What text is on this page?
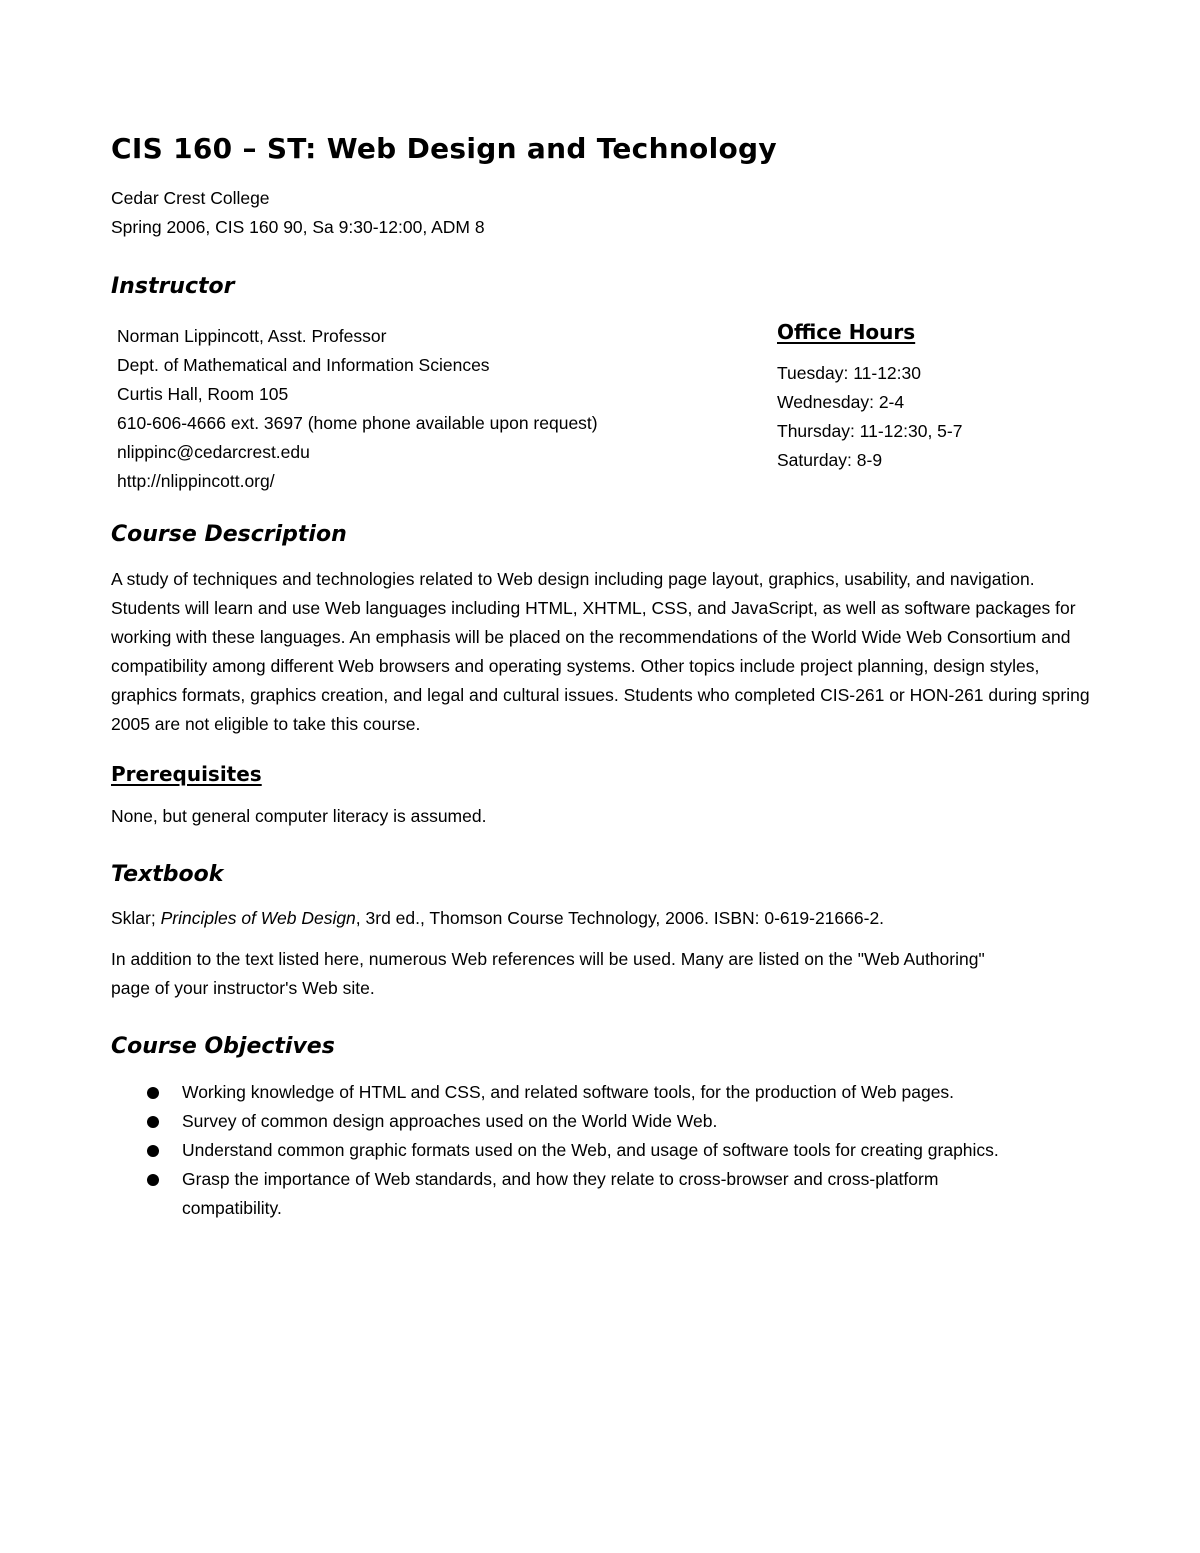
CIS 160 – ST: Web Design and Technology
Cedar Crest College
Spring 2006, CIS 160 90, Sa 9:30-12:00, ADM 8
Instructor
Norman Lippincott, Asst. Professor
Dept. of Mathematical and Information Sciences
Curtis Hall, Room 105
610-606-4666 ext. 3697 (home phone available upon request)
nlippinc@cedarcrest.edu
http://nlippincott.org/
Office Hours
Tuesday: 11-12:30
Wednesday: 2-4
Thursday: 11-12:30, 5-7
Saturday: 8-9
Course Description

A study of techniques and technologies related to Web design including page layout, graphics, usability, and navigation. Students will learn and use Web languages including HTML, XHTML, CSS, and JavaScript, as well as software packages for working with these languages. An emphasis will be placed on the recommendations of the World Wide Web Consortium and compatibility among different Web browsers and operating systems. Other topics include project planning, design styles, graphics formats, graphics creation, and legal and cultural issues. Students who completed CIS-261 or HON-261 during spring 2005 are not eligible to take this course.

Prerequisites

None, but general computer literacy is assumed.

Textbook

Sklar; Principles of Web Design, 3rd ed., Thomson Course Technology, 2006. ISBN: 0-619-21666-2.

In addition to the text listed here, numerous Web references will be used. Many are listed on the "Web Authoring" page of your instructor's Web site.

Course Objectives
Working knowledge of HTML and CSS, and related software tools, for the production of Web pages.
Survey of common design approaches used on the World Wide Web.
Understand common graphic formats used on the Web, and usage of software tools for creating graphics.
Grasp the importance of Web standards, and how they relate to cross-browser and cross-platform compatibility.
